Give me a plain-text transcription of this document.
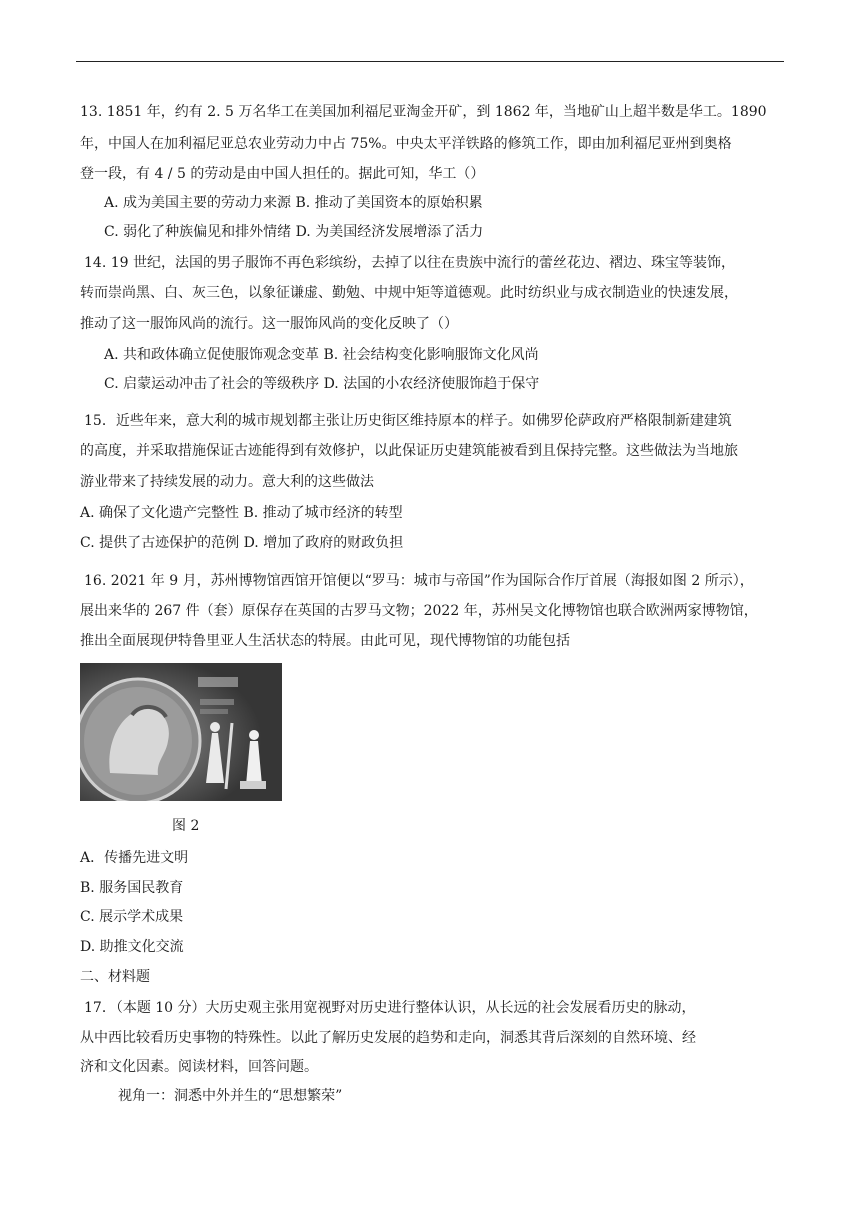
13. 1851 年，约有 2. 5 万名华工在美国加利福尼亚淘金开矿，到 1862 年，当地矿山上超半数是华工。1890
年，中国人在加利福尼亚总农业劳动力中占 75%。中央太平洋铁路的修筑工作，即由加利福尼亚州到奥格
登一段，有 4 / 5 的劳动是由中国人担任的。据此可知，华工（）
A. 成为美国主要的劳动力来源 B. 推动了美国资本的原始积累
C. 弱化了种族偏见和排外情绪 D. 为美国经济发展增添了活力
14. 19 世纪，法国的男子服饰不再色彩缤纷，去掉了以往在贵族中流行的蕾丝花边、褶边、珠宝等装饰，
转而崇尚黑、白、灰三色，以象征谦虚、勤勉、中规中矩等道德观。此时纺织业与成衣制造业的快速发展，
推动了这一服饰风尚的流行。这一服饰风尚的变化反映了（）
A. 共和政体确立促使服饰观念变革 B. 社会结构变化影响服饰文化风尚
C. 启蒙运动冲击了社会的等级秩序 D. 法国的小农经济使服饰趋于保守
15．近些年来，意大利的城市规划都主张让历史街区维持原本的样子。如佛罗伦萨政府严格限制新建建筑
的高度，并采取措施保证古迹能得到有效修护，以此保证历史建筑能被看到且保持完整。这些做法为当地旅
游业带来了持续发展的动力。意大利的这些做法
A. 确保了文化遗产完整性 B. 推动了城市经济的转型
C. 提供了古迹保护的范例 D. 增加了政府的财政负担
16. 2021 年 9 月，苏州博物馆西馆开馆便以“罗马：城市与帝国”作为国际合作厅首展（海报如图 2 所示），
展出来华的 267 件（套）原保存在英国的古罗马文物；2022 年，苏州吴文化博物馆也联合欧洲两家博物馆，
推出全面展现伊特鲁里亚人生活状态的特展。由此可见，现代博物馆的功能包括
图 2
A．传播先进文明
B. 服务国民教育
C. 展示学术成果
D. 助推文化交流
二、材料题
17．（本题 10 分）大历史观主张用宽视野对历史进行整体认识，从长远的社会发展看历史的脉动，
从中西比较看历史事物的特殊性。以此了解历史发展的趋势和走向，洞悉其背后深刻的自然环境、经
济和文化因素。阅读材料，回答问题。
视角一：洞悉中外并生的“思想繁荣”
